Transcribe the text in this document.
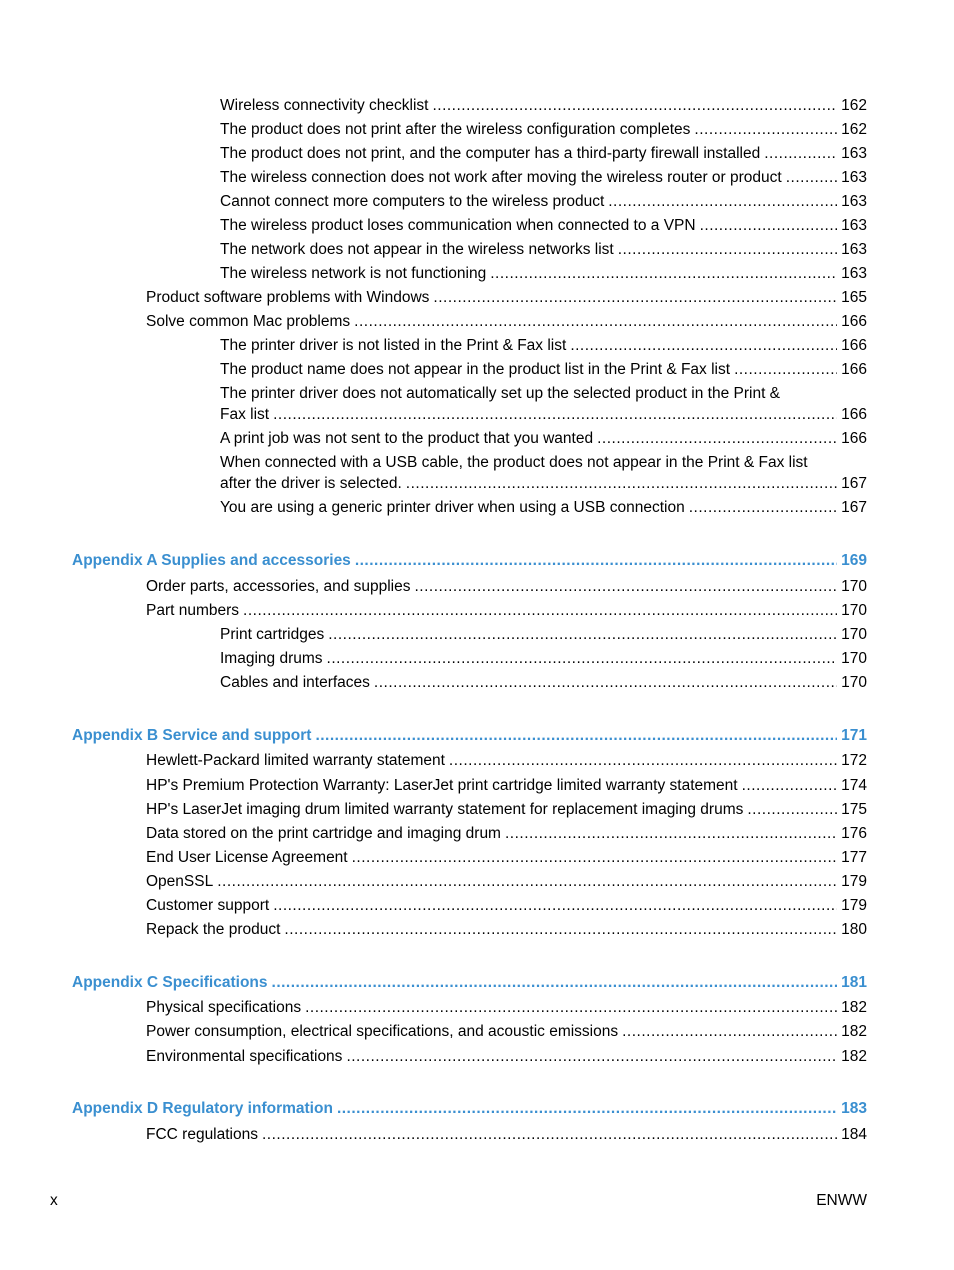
Wireless connectivity checklist .....	162
The product does not print after the wireless configuration completes .....	162
The product does not print, and the computer has a third-party firewall installed .....	163
The wireless connection does not work after moving the wireless router or product .....	163
Cannot connect more computers to the wireless product .....	163
The wireless product loses communication when connected to a VPN .....	163
The network does not appear in the wireless networks list .....	163
The wireless network is not functioning .....	163
Product software problems with Windows .....	165
Solve common Mac problems .....	166
The printer driver is not listed in the Print & Fax list .....	166
The product name does not appear in the product list in the Print & Fax list .....	166
The printer driver does not automatically set up the selected product in the Print &
Fax list .....	166
A print job was not sent to the product that you wanted .....	166
When connected with a USB cable, the product does not appear in the Print & Fax list
after the driver is selected. .....	167
You are using a generic printer driver when using a USB connection .....	167
Appendix A Supplies and accessories .....	169
Order parts, accessories, and supplies .....	170
Part numbers .....	170
Print cartridges .....	170
Imaging drums .....	170
Cables and interfaces .....	170
Appendix B Service and support .....	171
Hewlett-Packard limited warranty statement .....	172
HP's Premium Protection Warranty: LaserJet print cartridge limited warranty statement .....	174
HP's LaserJet imaging drum limited warranty statement for replacement imaging drums .....	175
Data stored on the print cartridge and imaging drum .....	176
End User License Agreement .....	177
OpenSSL .....	179
Customer support .....	179
Repack the product .....	180
Appendix C Specifications .....	181
Physical specifications .....	182
Power consumption, electrical specifications, and acoustic emissions .....	182
Environmental specifications .....	182
Appendix D Regulatory information .....	183
FCC regulations .....	184
x	ENWW
